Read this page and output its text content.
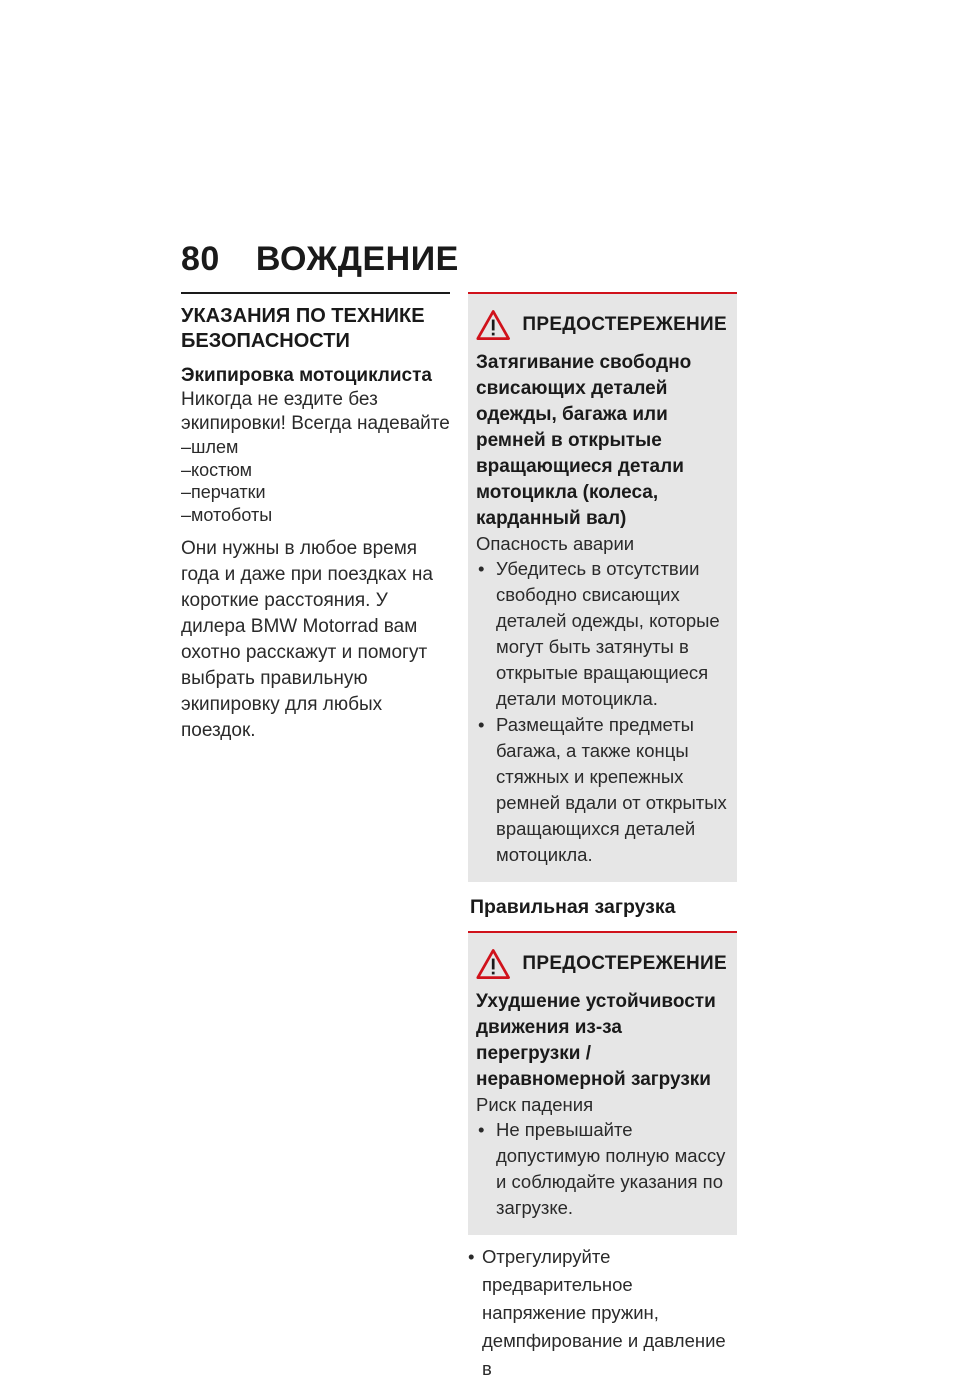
80 ВОЖДЕНИЕ
УКАЗАНИЯ ПО ТЕХНИКЕ БЕЗОПАСНОСТИ
Экипировка мотоциклиста
Никогда не ездите без экипировки! Всегда надевайте
–шлем
–костюм
–перчатки
–мотоботы
Они нужны в любое время года и даже при поездках на короткие расстояния. У дилера BMW Motorrad вам охотно расскажут и помогут выбрать правильную экипировку для любых поездок.
ПРЕДОСТЕРЕЖЕНИЕ
Затягивание свободно свисающих деталей одежды, багажа или ремней в открытые вращающиеся детали мотоцикла (колеса, карданный вал)
Опасность аварии
• Убедитесь в отсутствии свободно свисающих деталей одежды, которые могут быть затянуты в открытые вращающиеся детали мотоцикла.
• Размещайте предметы багажа, а также концы стяжных и крепежных ремней вдали от открытых вращающихся деталей мотоцикла.
Правильная загрузка
ПРЕДОСТЕРЕЖЕНИЕ
Ухудшение устойчивости движения из-за перегрузки / неравномерной загрузки
Риск падения
• Не превышайте допустимую полную массу и соблюдайте указания по загрузке.
• Отрегулируйте предварительное напряжение пружин, демпфирование и давление в
